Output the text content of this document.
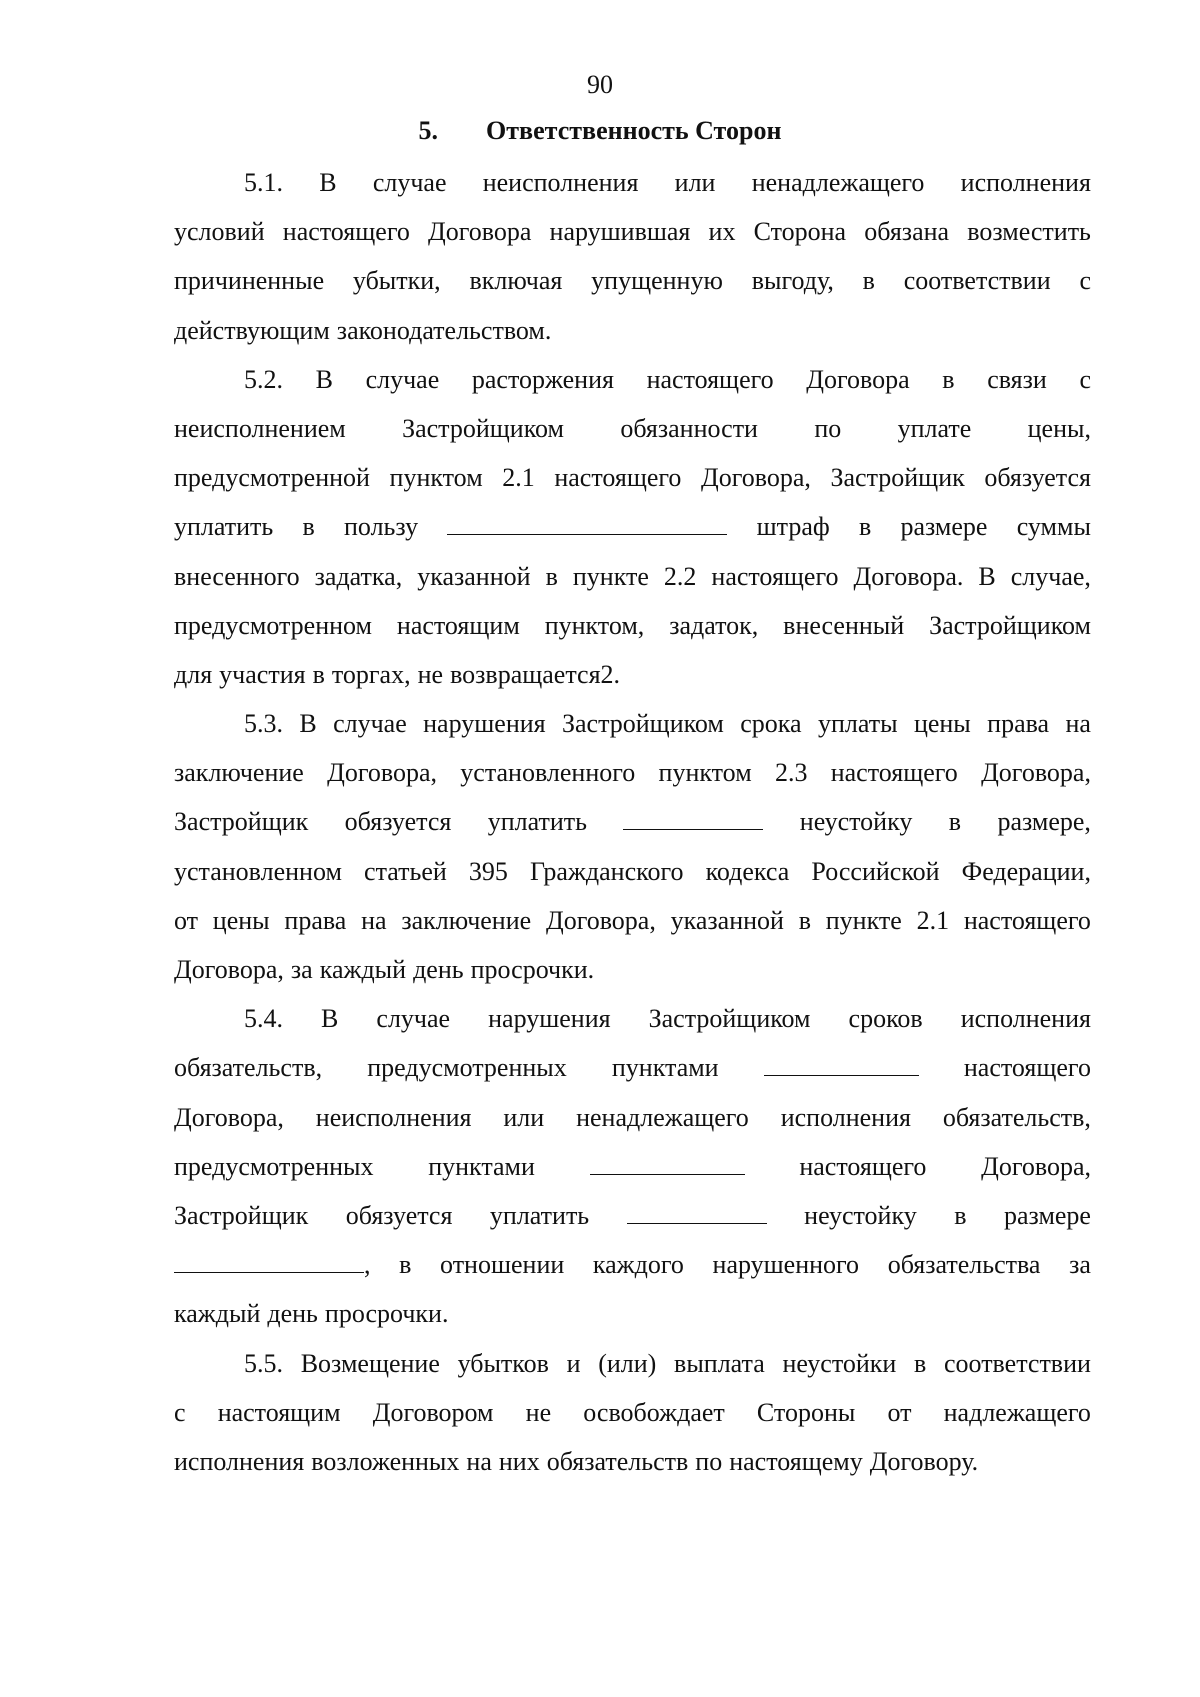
90
5. Ответственность Сторон
5.1. В случае неисполнения или ненадлежащего исполнения
условий настоящего Договора нарушившая их Сторона обязана возместить
причиненные убытки, включая упущенную выгоду, в соответствии с
действующим законодательством.
5.2. В случае расторжения настоящего Договора в связи с
неисполнением Застройщиком обязанности по уплате цены,
предусмотренной пунктом 2.1 настоящего Договора, Застройщик обязуется
уплатить в пользу	штраф в размере суммы
внесенного задатка, указанной в пункте 2.2 настоящего Договора. В случае,
предусмотренном настоящим пунктом, задаток, внесенный Застройщиком
для участия в торгах, не возвращается2.
5.3. В случае нарушения Застройщиком срока уплаты цены права на
заключение Договора, установленного пунктом 2.3 настоящего Договора,
Застройщик обязуется уплатить	неустойку в размере,
установленном статьей 395 Гражданского кодекса Российской Федерации,
от цены права на заключение Договора, указанной в пункте 2.1 настоящего
Договора, за каждый день просрочки.
5.4. В случае нарушения Застройщиком сроков исполнения
обязательств, предусмотренных пунктами	настоящего
Договора, неисполнения или ненадлежащего исполнения обязательств,
предусмотренных пунктами	настоящего Договора,
Застройщик обязуется уплатить	неустойку в размере
, в отношении каждого нарушенного обязательства за
каждый день просрочки.
5.5. Возмещение убытков и (или) выплата неустойки в соответствии
с настоящим Договором не освобождает Стороны от надлежащего
исполнения возложенных на них обязательств по настоящему Договору.
